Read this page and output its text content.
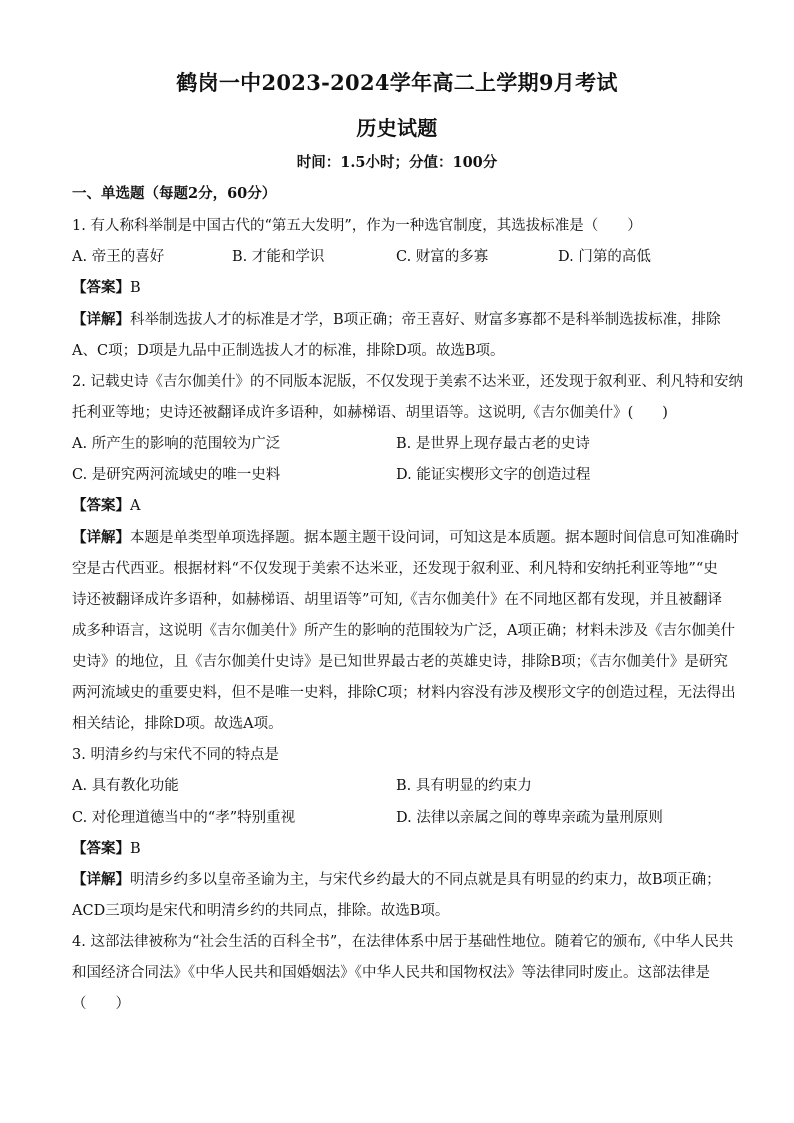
鹤岗一中2023-2024学年高二上学期9月考试
历史试题
时间：1.5小时；分值：100分
一、单选题（每题2分，60分）
1. 有人称科举制是中国古代的“第五大发明”，作为一种选官制度，其选拔标准是（　　）
A. 帝王的喜好	B. 才能和学识	C. 财富的多寡	D. 门第的高低
【答案】B
【详解】科举制选拔人才的标准是才学，B项正确；帝王喜好、财富多寡都不是科举制选拔标准，排除
A、C项；D项是九品中正制选拔人才的标准，排除D项。故选B项。
2. 记载史诗《吉尔伽美什》的不同版本泥版，不仅发现于美索不达米亚，还发现于叙利亚、利凡特和安纳
托利亚等地；史诗还被翻译成许多语种，如赫梯语、胡里语等。这说明,《吉尔伽美什》(　　)
A. 所产生的影响的范围较为广泛	B. 是世界上现存最古老的史诗
C. 是研究两河流域史的唯一史料	D. 能证实楔形文字的创造过程
【答案】A
【详解】本题是单类型单项选择题。据本题主题干设问词，可知这是本质题。据本题时间信息可知准确时
空是古代西亚。根据材料“不仅发现于美索不达米亚，还发现于叙利亚、利凡特和安纳托利亚等地”“史
诗还被翻译成许多语种，如赫梯语、胡里语等”可知,《吉尔伽美什》在不同地区都有发现，并且被翻译
成多种语言，这说明《吉尔伽美什》所产生的影响的范围较为广泛，A项正确；材料未涉及《吉尔伽美什
史诗》的地位，且《吉尔伽美什史诗》是已知世界最古老的英雄史诗，排除B项；《吉尔伽美什》是研究
两河流域史的重要史料，但不是唯一史料，排除C项；材料内容没有涉及楔形文字的创造过程，无法得出
相关结论，排除D项。故选A项。
3. 明清乡约与宋代不同的特点是
A. 具有教化功能	B. 具有明显的约束力
C. 对伦理道德当中的“孝”特别重视	D. 法律以亲属之间的尊卑亲疏为量刑原则
【答案】B
【详解】明清乡约多以皇帝圣谕为主，与宋代乡约最大的不同点就是具有明显的约束力，故B项正确；
ACD三项均是宋代和明清乡约的共同点，排除。故选B项。
4. 这部法律被称为“社会生活的百科全书”，在法律体系中居于基础性地位。随着它的颁布,《中华人民共
和国经济合同法》《中华人民共和国婚姻法》《中华人民共和国物权法》等法律同时废止。这部法律是
（　　）
